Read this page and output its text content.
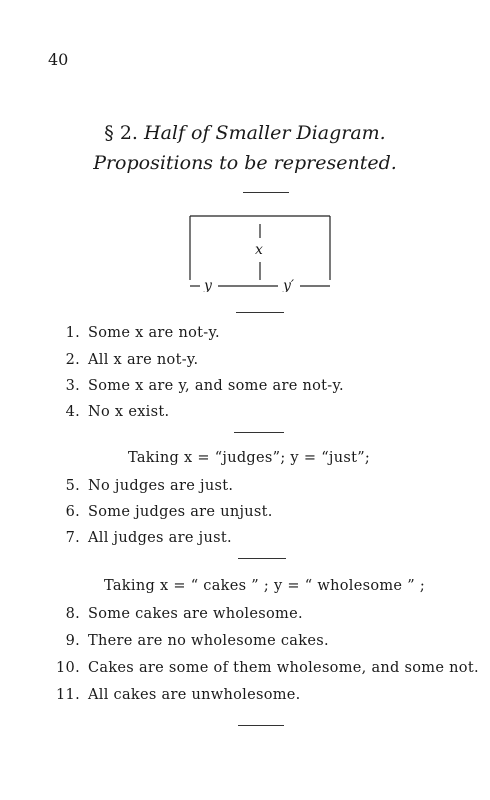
40
§ 2. Half of Smaller Diagram.
Propositions to be represented.
x
y	y′
1. Some x are not-y.
2. All x are not-y.
3. Some x are y, and some are not-y.
4. No x exist.
Taking x = “judges”; y = “just”;
5. No judges are just.
6. Some judges are unjust.
7. All judges are just.
Taking x = “ cakes ” ; y = “ wholesome ” ;
8. Some cakes are wholesome.
9. There are no wholesome cakes.
10. Cakes are some of them wholesome, and some not.
11. All cakes are unwholesome.
